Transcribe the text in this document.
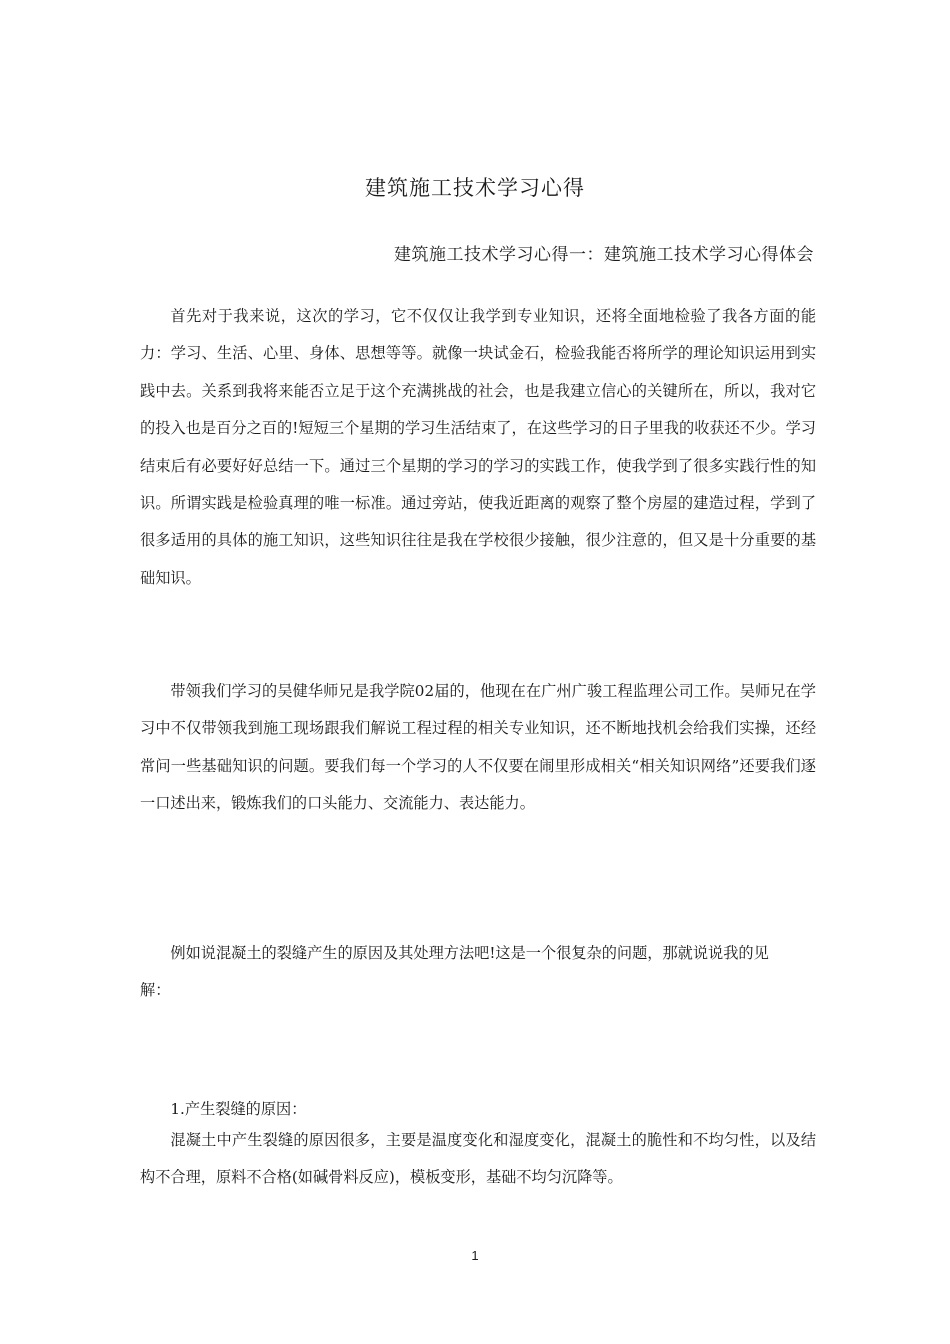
建筑施工技术学习心得
建筑施工技术学习心得一：建筑施工技术学习心得体会

首先对于我来说，这次的学习，它不仅仅让我学到专业知识，还将全面地检验了我各方面的能力：学习、生活、心里、身体、思想等等。就像一块试金石，检验我能否将所学的理论知识运用到实践中去。关系到我将来能否立足于这个充满挑战的社会，也是我建立信心的关键所在，所以，我对它的投入也是百分之百的!短短三个星期的学习生活结束了，在这些学习的日子里我的收获还不少。学习结束后有必要好好总结一下。通过三个星期的学习的学习的实践工作，使我学到了很多实践行性的知识。所谓实践是检验真理的唯一标准。通过旁站，使我近距离的观察了整个房屋的建造过程，学到了很多适用的具体的施工知识，这些知识往往是我在学校很少接触，很少注意的，但又是十分重要的基础知识。

带领我们学习的吴健华师兄是我学院02届的，他现在在广州广骏工程监理公司工作。吴师兄在学习中不仅带领我到施工现场跟我们解说工程过程的相关专业知识，还不断地找机会给我们实操，还经常问一些基础知识的问题。要我们每一个学习的人不仅要在闹里形成相关“相关知识网络”还要我们逐一口述出来，锻炼我们的口头能力、交流能力、表达能力。

例如说混凝土的裂缝产生的原因及其处理方法吧!这是一个很复杂的问题，那就说说我的见解：

1.产生裂缝的原因：

混凝土中产生裂缝的原因很多，主要是温度变化和湿度变化，混凝土的脆性和不均匀性，以及结构不合理，原料不合格(如碱骨料反应)，模板变形，基础不均匀沉降等。

1
